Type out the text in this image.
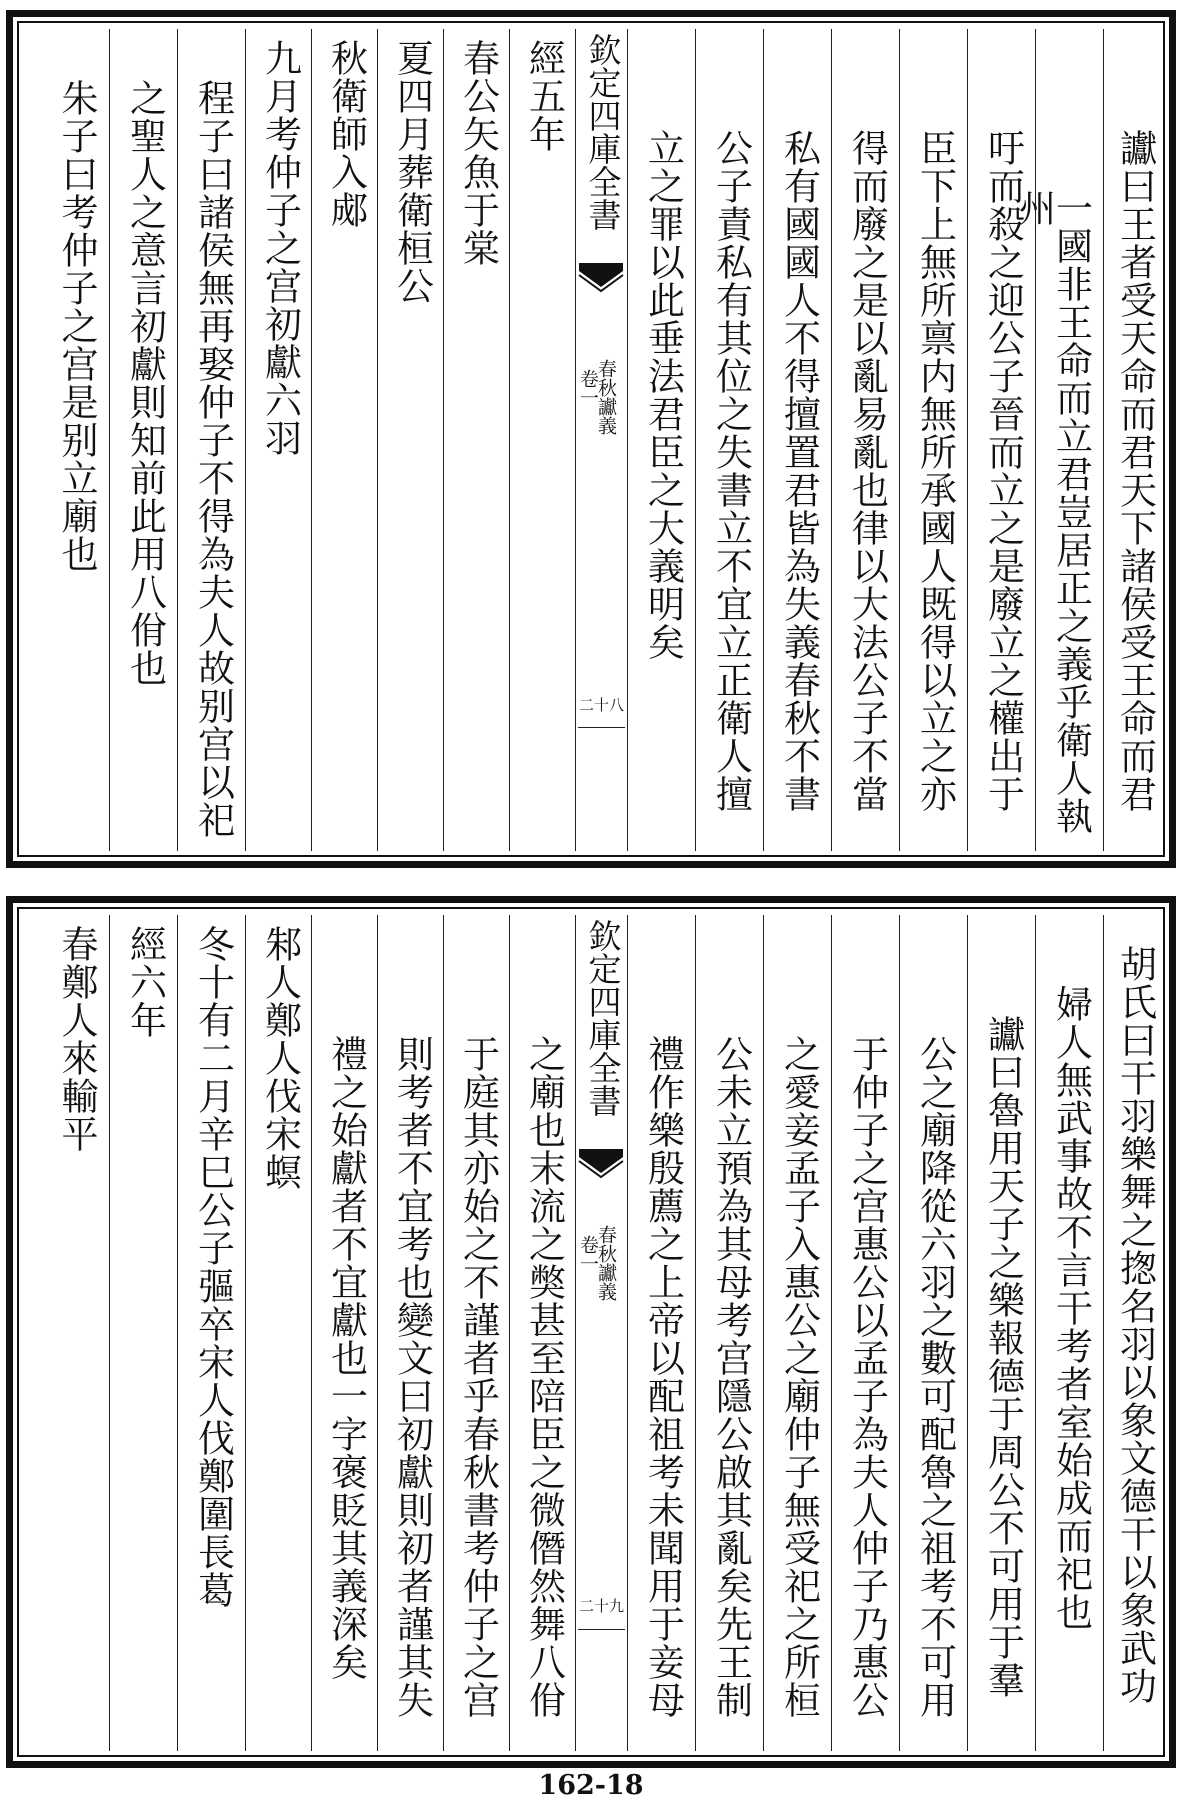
讞曰王者受天命而君天下諸侯受王命而君
一國非王命而立君豈居正之義乎衛人執州
吁而殺之迎公子晉而立之是廢立之權出于
臣下上無所禀内無所承國人既得以立之亦
得而廢之是以亂易亂也律以大法公子不當
私有國國人不得擅置君皆為失義春秋不書
公子責私有其位之失書立不宜立正衛人擅
立之罪以此垂法君臣之大義明矣
欽定四庫全書
春秋讞義
卷一
二十八
經五年
春公矢魚于棠
夏四月葬衛桓公
秋衛師入郕
九月考仲子之宫初獻六羽
程子曰諸侯無再娶仲子不得為夫人故别宫以祀
之聖人之意言初獻則知前此用八佾也
朱子曰考仲子之宫是别立廟也
胡氏曰干羽樂舞之揔名羽以象文德干以象武功
婦人無武事故不言干考者室始成而祀也
讞曰魯用天子之樂報德于周公不可用于羣
公之廟降從六羽之數可配魯之祖考不可用
于仲子之宫惠公以孟子為夫人仲子乃惠公
之愛妾孟子入惠公之廟仲子無受祀之所桓
公未立預為其母考宫隱公啟其亂矣先王制
禮作樂殷薦之上帝以配祖考未聞用于妾母
欽定四庫全書
春秋讞義
卷一
二十九
之廟也末流之獘甚至陪臣之微僭然舞八佾
于庭其亦始之不謹者乎春秋書考仲子之宫
則考者不宜考也變文曰初獻則初者謹其失
禮之始獻者不宜獻也一字褒貶其義深矣
邾人鄭人伐宋螟
冬十有二月辛巳公子彄卒宋人伐鄭圍長葛
經六年
春鄭人來輸平
162-18
